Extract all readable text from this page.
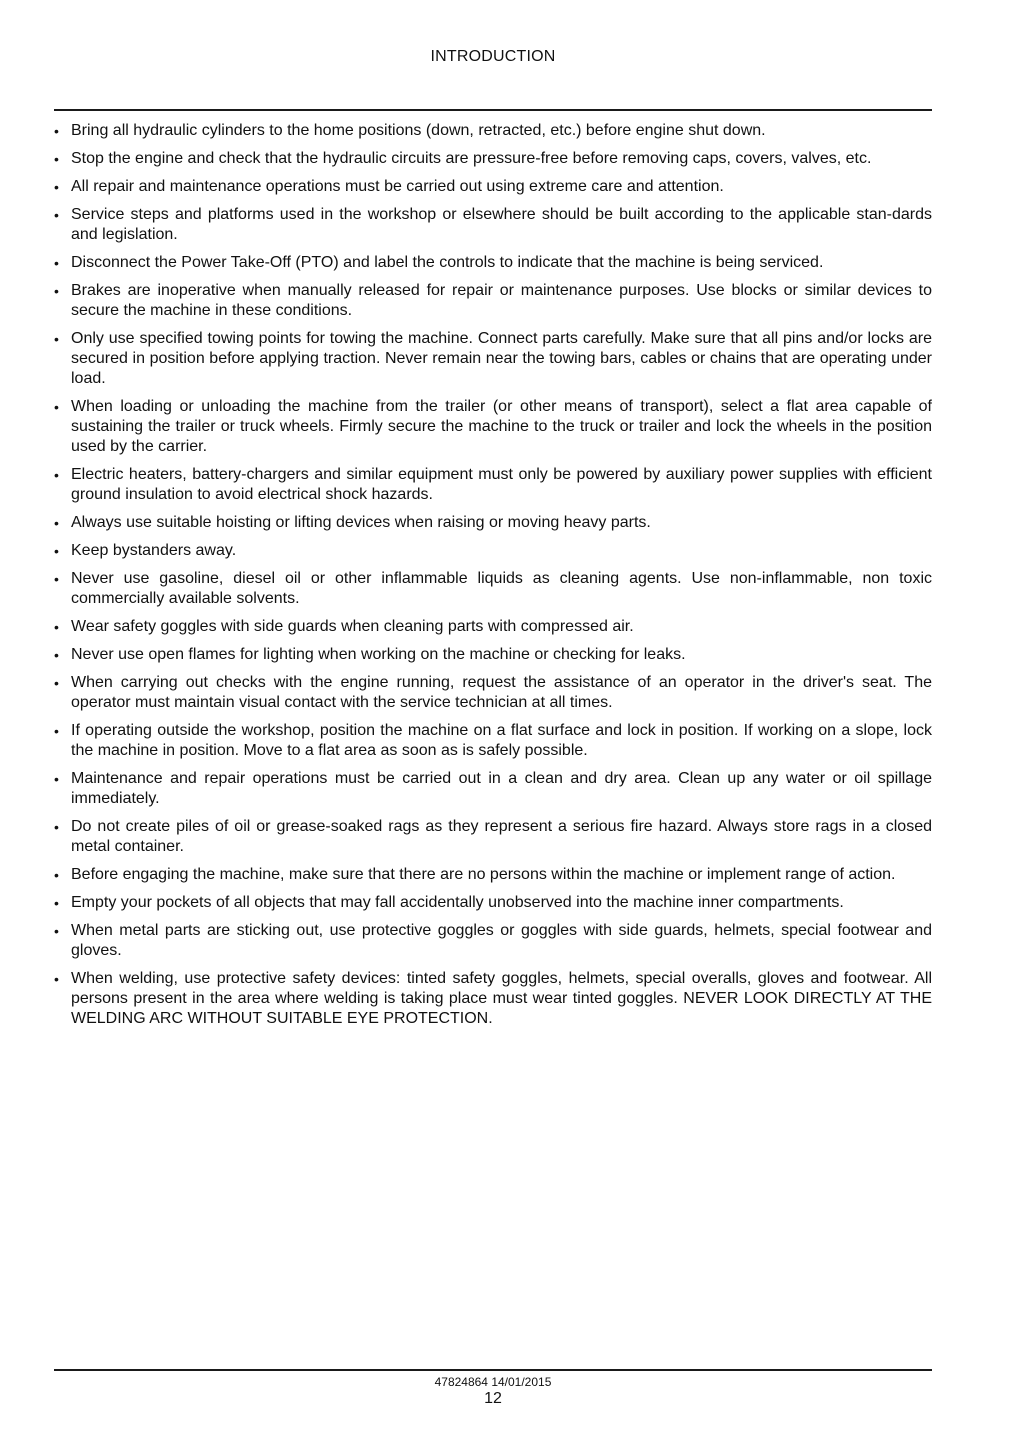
INTRODUCTION
• Bring all hydraulic cylinders to the home positions (down, retracted, etc.) before engine shut down.
• Stop the engine and check that the hydraulic circuits are pressure-free before removing caps, covers, valves, etc.
• All repair and maintenance operations must be carried out using extreme care and attention.
• Service steps and platforms used in the workshop or elsewhere should be built according to the applicable stan-dards and legislation.
• Disconnect the Power Take-Off (PTO) and label the controls to indicate that the machine is being serviced.
• Brakes are inoperative when manually released for repair or maintenance purposes. Use blocks or similar devices to secure the machine in these conditions.
• Only use specified towing points for towing the machine. Connect parts carefully. Make sure that all pins and/or locks are secured in position before applying traction. Never remain near the towing bars, cables or chains that are operating under load.
• When loading or unloading the machine from the trailer (or other means of transport), select a flat area capable of sustaining the trailer or truck wheels. Firmly secure the machine to the truck or trailer and lock the wheels in the position used by the carrier.
• Electric heaters, battery-chargers and similar equipment must only be powered by auxiliary power supplies with efficient ground insulation to avoid electrical shock hazards.
• Always use suitable hoisting or lifting devices when raising or moving heavy parts.
• Keep bystanders away.
• Never use gasoline, diesel oil or other inflammable liquids as cleaning agents. Use non-inflammable, non toxic commercially available solvents.
• Wear safety goggles with side guards when cleaning parts with compressed air.
• Never use open flames for lighting when working on the machine or checking for leaks.
• When carrying out checks with the engine running, request the assistance of an operator in the driver's seat. The operator must maintain visual contact with the service technician at all times.
• If operating outside the workshop, position the machine on a flat surface and lock in position. If working on a slope, lock the machine in position. Move to a flat area as soon as is safely possible.
• Maintenance and repair operations must be carried out in a clean and dry area. Clean up any water or oil spillage immediately.
• Do not create piles of oil or grease-soaked rags as they represent a serious fire hazard. Always store rags in a closed metal container.
• Before engaging the machine, make sure that there are no persons within the machine or implement range of action.
• Empty your pockets of all objects that may fall accidentally unobserved into the machine inner compartments.
• When metal parts are sticking out, use protective goggles or goggles with side guards, helmets, special footwear and gloves.
• When welding, use protective safety devices: tinted safety goggles, helmets, special overalls, gloves and footwear. All persons present in the area where welding is taking place must wear tinted goggles. NEVER LOOK DIRECTLY AT THE WELDING ARC WITHOUT SUITABLE EYE PROTECTION.
47824864 14/01/2015
12
